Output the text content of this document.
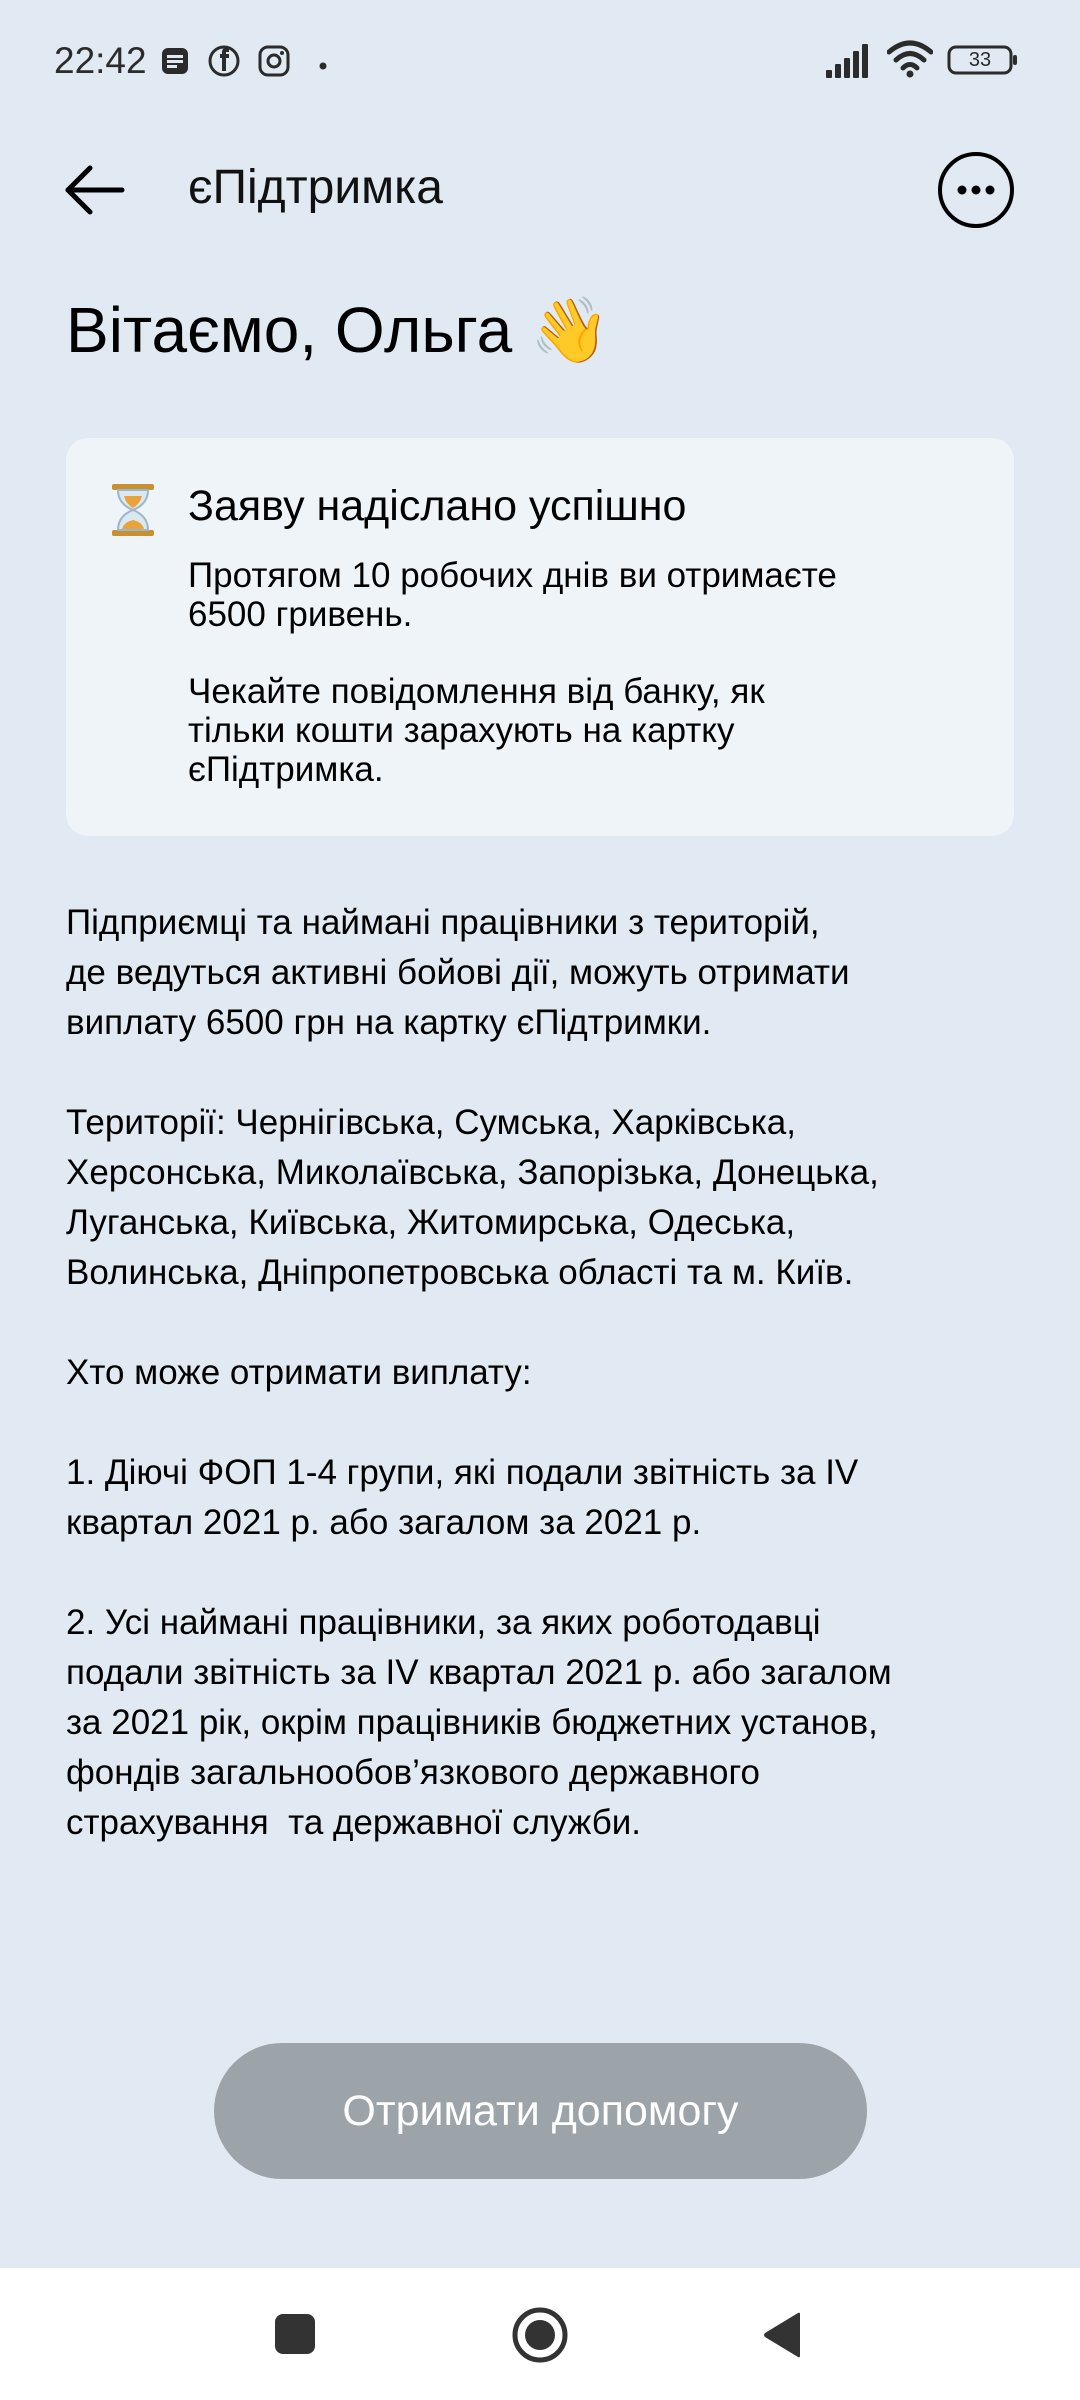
22:42	33
єПідтримка
Вітаємо, Ольга 👋
Заяву надіслано успішно
Протягом 10 робочих днів ви отримаєте
6500 гривень.
Чекайте повідомлення від банку, як
тільки кошти зарахують на картку
єПідтримка.

Підприємці та наймані працівники з територій,
де ведуться активні бойові дії, можуть отримати
виплату 6500 грн на картку єПідтримки.

Території: Чернігівська, Сумська, Харківська,
Херсонська, Миколаївська, Запорізька, Донецька,
Луганська, Київська, Житомирська, Одеська,
Волинська, Дніпропетровська області та м. Київ.

Хто може отримати виплату:

1. Діючі ФОП 1-4 групи, які подали звітність за IV
квартал 2021 р. або загалом за 2021 р.

2. Усі наймані працівники, за яких роботодавці
подали звітність за IV квартал 2021 р. або загалом
за 2021 рік, окрім працівників бюджетних установ,
фондів загальнообов’язкового державного
страхування  та державної служби.

Отримати допомогу
